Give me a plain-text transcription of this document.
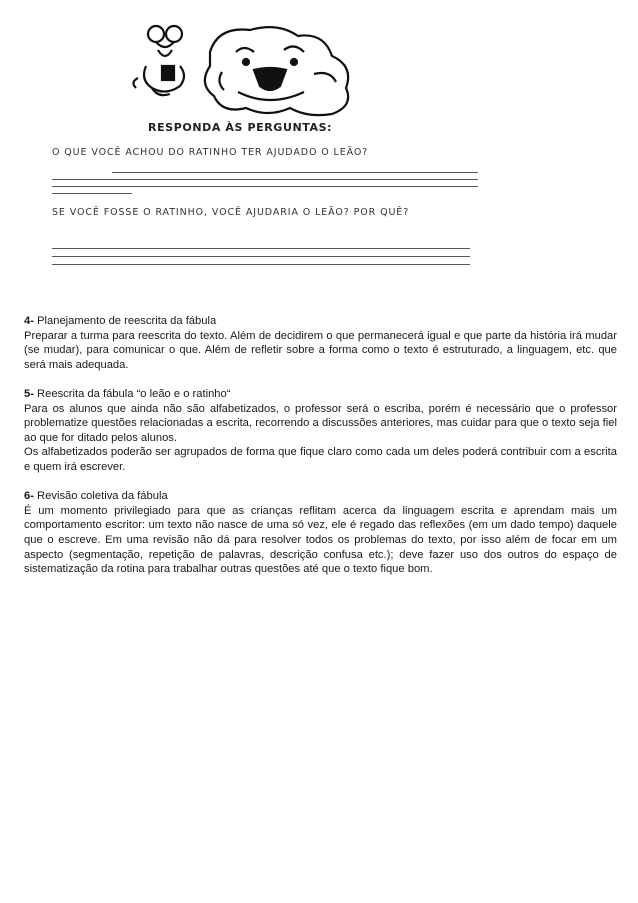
RESPONDA ÀS PERGUNTAS:
O QUE VOCÊ ACHOU DO RATINHO TER AJUDADO O LEÃO?
SE VOCÊ FOSSE O RATINHO, VOCÊ AJUDARIA O LEÃO? POR QUÊ?

4- Planejamento de reescrita da fábula

Preparar a turma para reescrita do texto. Além de decidirem o que permanecerá igual e que parte da história irá mudar (se mudar), para comunicar o que. Além de refletir sobre a forma como o texto é estruturado, a linguagem, etc. que será mais adequada.

5- Reescrita da fábula “o leão e o ratinho“

Para os alunos que ainda não são alfabetizados, o professor será o escriba, porém é necessário que o professor problematize questões relacionadas a escrita, recorrendo a discussões anteriores, mas cuidar para que o texto seja fiel ao que for ditado pelos alunos.

Os alfabetizados poderão ser agrupados de forma que fique claro como cada um deles poderá contribuir com a escrita e quem irá escrever.

6- Revisão coletiva da fábula

É um momento privilegiado para que as crianças reflitam acerca da linguagem escrita e aprendam mais um comportamento escritor: um texto não nasce de uma só vez, ele é regado das reflexões (em um dado tempo) daquele que o escreve. Em uma revisão não dá para resolver todos os problemas do texto, por isso além de focar em um aspecto (segmentação, repetição de palavras, descrição confusa etc.); deve fazer uso dos outros do espaço de sistematização da rotina para trabalhar outras questões até que o texto fique bom.
